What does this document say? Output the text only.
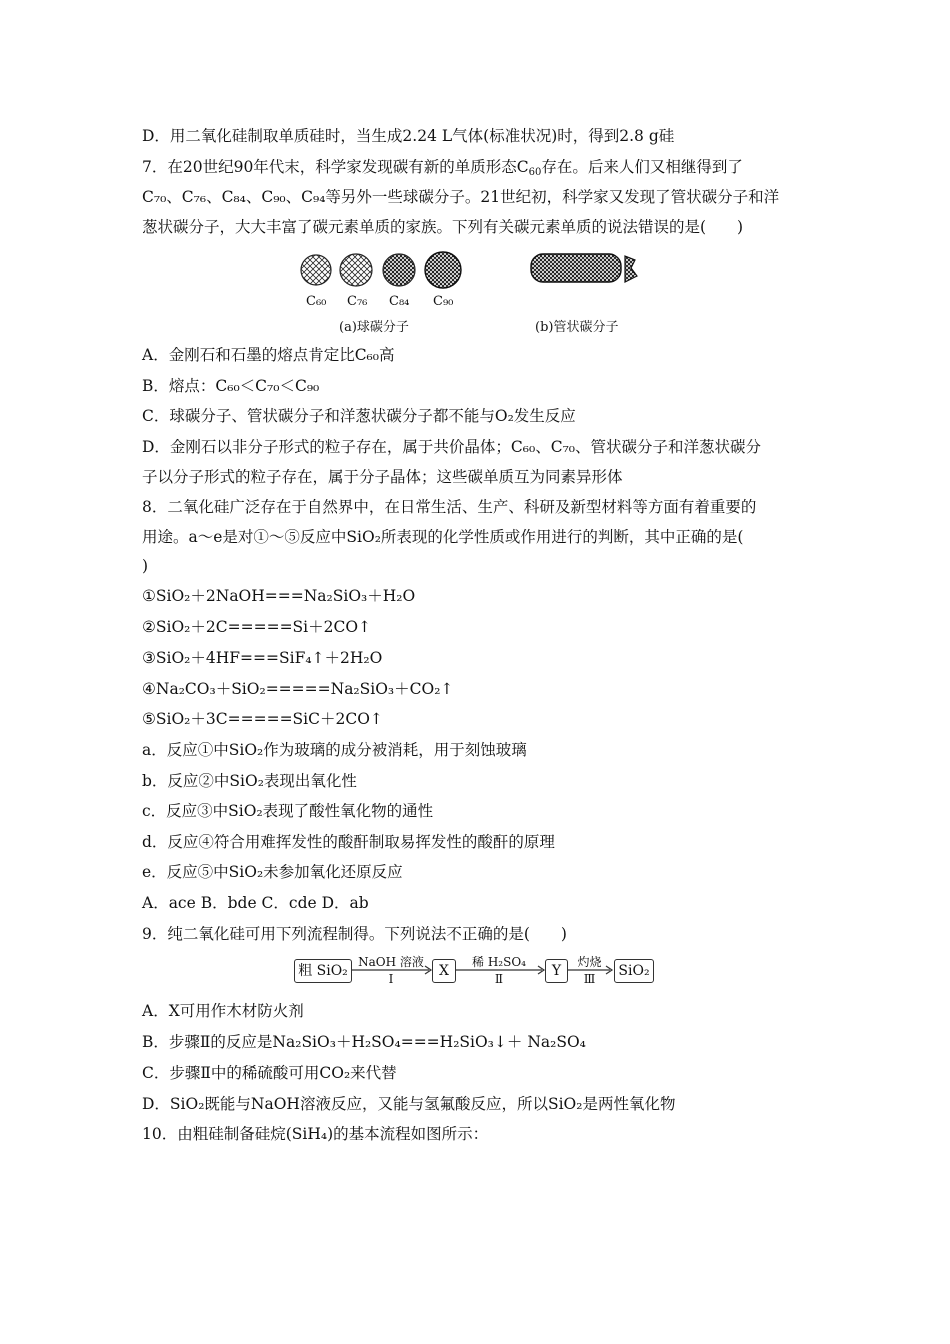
D．用二氧化硅制取单质硅时，当生成2.24 L气体(标准状况)时，得到2.8 g硅
7．在20世纪90年代末，科学家发现碳有新的单质形态$C_{60}$存在。后来人们又相继得到了
C₇₀、C₇₆、C₈₄、C₉₀、C₉₄等另外一些球碳分子。21世纪初，科学家又发现了管状碳分子和洋
葱状碳分子，大大丰富了碳元素单质的家族。下列有关碳元素单质的说法错误的是(　　)
C₆₀ C₇₆ C₈₄ C₉₀
(a)球碳分子	(b)管状碳分子
A．金刚石和石墨的熔点肯定比C₆₀高
B．熔点：C₆₀＜C₇₀＜C₉₀
C．球碳分子、管状碳分子和洋葱状碳分子都不能与O₂发生反应
D．金刚石以非分子形式的粒子存在，属于共价晶体；C₆₀、C₇₀、管状碳分子和洋葱状碳分
子以分子形式的粒子存在，属于分子晶体；这些碳单质互为同素异形体
8．二氧化硅广泛存在于自然界中，在日常生活、生产、科研及新型材料等方面有着重要的
用途。a～e是对①～⑤反应中SiO₂所表现的化学性质或作用进行的判断，其中正确的是(
)
①SiO₂＋2NaOH===Na₂SiO₃＋H₂O
②SiO₂＋2C=====Si＋2CO↑
③SiO₂＋4HF===SiF₄↑＋2H₂O
④Na₂CO₃＋SiO₂=====Na₂SiO₃＋CO₂↑
⑤SiO₂＋3C=====SiC＋2CO↑
a．反应①中SiO₂作为玻璃的成分被消耗，用于刻蚀玻璃
b．反应②中SiO₂表现出氧化性
c．反应③中SiO₂表现了酸性氧化物的通性
d．反应④符合用难挥发性的酸酐制取易挥发性的酸酐的原理
e．反应⑤中SiO₂未参加氧化还原反应
A．ace B．bde C．cde D．ab
9．纯二氧化硅可用下列流程制得。下列说法不正确的是(　　)
粗 SiO₂
NaOH 溶液
Ⅰ	X
稀 H₂SO₄
Ⅱ	Y
灼烧
Ⅲ	SiO₂
A．X可用作木材防火剂
B．步骤Ⅱ的反应是Na₂SiO₃＋H₂SO₄===H₂SiO₃↓＋ Na₂SO₄
C．步骤Ⅱ中的稀硫酸可用CO₂来代替
D．SiO₂既能与NaOH溶液反应，又能与氢氟酸反应，所以SiO₂是两性氧化物
10．由粗硅制备硅烷(SiH₄)的基本流程如图所示：
